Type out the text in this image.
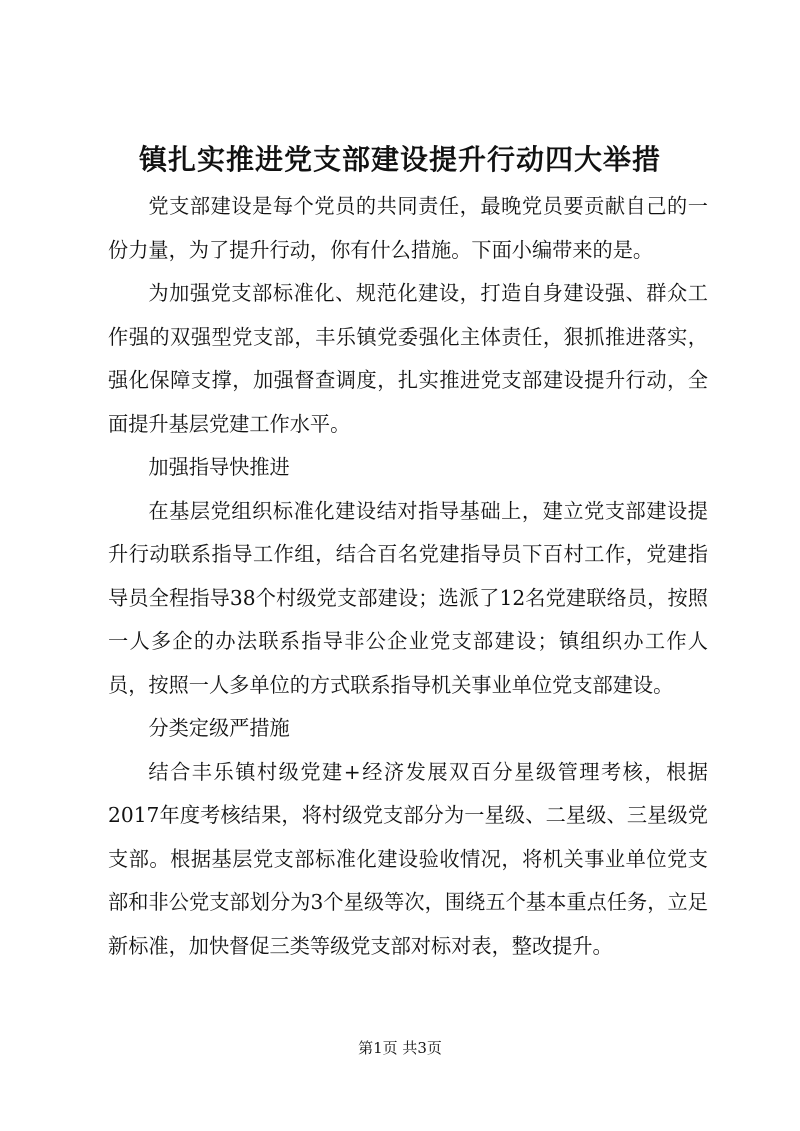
镇扎实推进党支部建设提升行动四大举措

党支部建设是每个党员的共同责任，最晚党员要贡献自己的一份力量，为了提升行动，你有什么措施。下面小编带来的是。

为加强党支部标准化、规范化建设，打造自身建设强、群众工作强的双强型党支部，丰乐镇党委强化主体责任，狠抓推进落实，强化保障支撑，加强督查调度，扎实推进党支部建设提升行动，全面提升基层党建工作水平。

加强指导快推进

在基层党组织标准化建设结对指导基础上，建立党支部建设提升行动联系指导工作组，结合百名党建指导员下百村工作，党建指导员全程指导38个村级党支部建设；选派了12名党建联络员，按照一人多企的办法联系指导非公企业党支部建设；镇组织办工作人员，按照一人多单位的方式联系指导机关事业单位党支部建设。

分类定级严措施

结合丰乐镇村级党建+经济发展双百分星级管理考核，根据2017年度考核结果，将村级党支部分为一星级、二星级、三星级党支部。根据基层党支部标准化建设验收情况，将机关事业单位党支部和非公党支部划分为3个星级等次，围绕五个基本重点任务，立足新标准，加快督促三类等级党支部对标对表，整改提升。

第1页 共3页
